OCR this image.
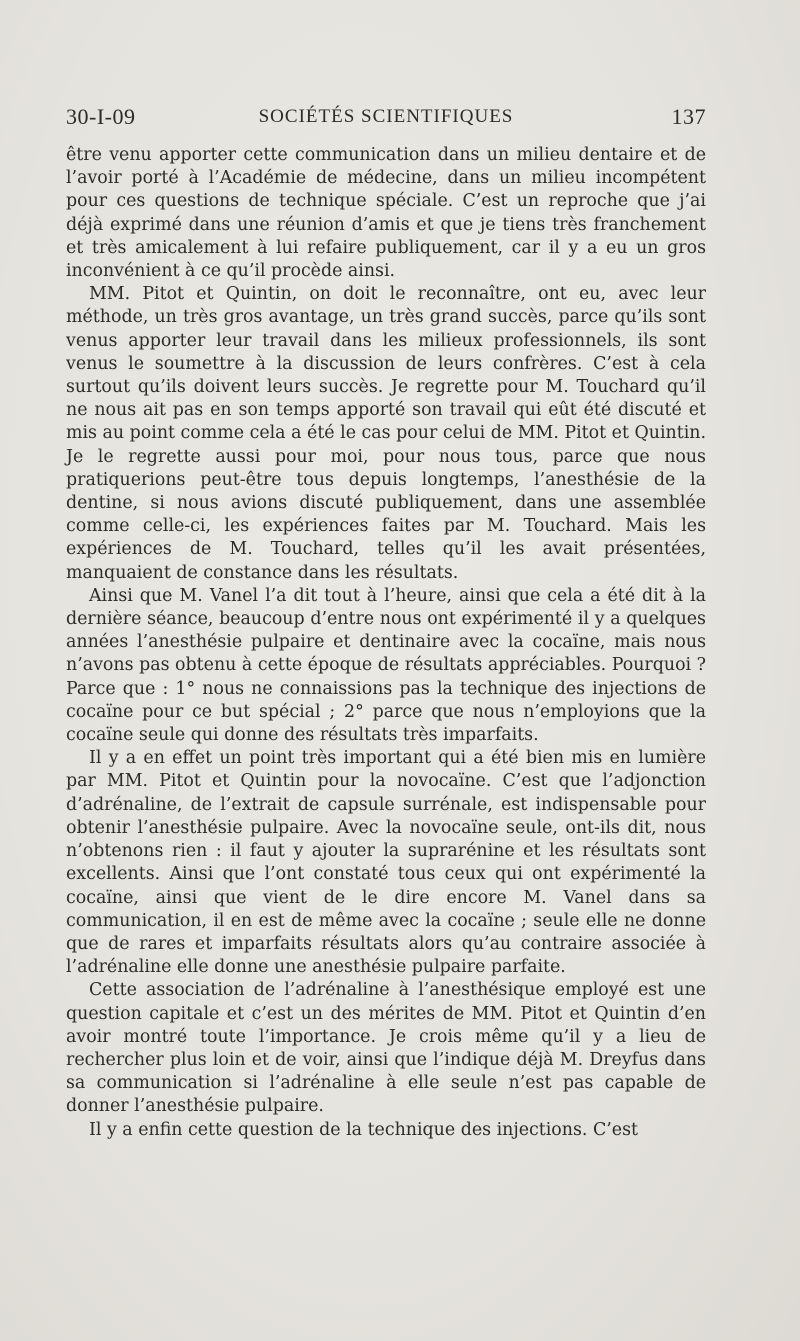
30-I-09	SOCIÉTÉS SCIENTIFIQUES	137

être venu apporter cette communication dans un milieu dentaire et de l’avoir porté à l’Académie de médecine, dans un milieu incompétent pour ces questions de technique spéciale. C’est un reproche que j’ai déjà exprimé dans une réunion d’amis et que je tiens très franchement et très amicalement à lui refaire publiquement, car il y a eu un gros inconvénient à ce qu’il procède ainsi.

MM. Pitot et Quintin, on doit le reconnaître, ont eu, avec leur méthode, un très gros avantage, un très grand succès, parce qu’ils sont venus apporter leur travail dans les milieux professionnels, ils sont venus le soumettre à la discussion de leurs confrères. C’est à cela surtout qu’ils doivent leurs succès. Je regrette pour M. Touchard qu’il ne nous ait pas en son temps apporté son travail qui eût été discuté et mis au point comme cela a été le cas pour celui de MM. Pitot et Quintin. Je le regrette aussi pour moi, pour nous tous, parce que nous pratiquerions peut-être tous depuis longtemps, l’anesthésie de la dentine, si nous avions discuté publiquement, dans une assemblée comme celle-ci, les expériences faites par M. Touchard. Mais les expériences de M. Touchard, telles qu’il les avait présentées, manquaient de constance dans les résultats.

Ainsi que M. Vanel l’a dit tout à l’heure, ainsi que cela a été dit à la dernière séance, beaucoup d’entre nous ont expérimenté il y a quelques années l’anesthésie pulpaire et dentinaire avec la cocaïne, mais nous n’avons pas obtenu à cette époque de résultats appréciables. Pourquoi ? Parce que : 1° nous ne connaissions pas la technique des injections de cocaïne pour ce but spécial ; 2° parce que nous n’employions que la cocaïne seule qui donne des résultats très imparfaits.

Il y a en effet un point très important qui a été bien mis en lumière par MM. Pitot et Quintin pour la novocaïne. C’est que l’adjonction d’adrénaline, de l’extrait de capsule surrénale, est indispensable pour obtenir l’anesthésie pulpaire. Avec la novocaïne seule, ont-ils dit, nous n’obtenons rien : il faut y ajouter la suprarénine et les résultats sont excellents. Ainsi que l’ont constaté tous ceux qui ont expérimenté la cocaïne, ainsi que vient de le dire encore M. Vanel dans sa communication, il en est de même avec la cocaïne ; seule elle ne donne que de rares et imparfaits résultats alors qu’au contraire associée à l’adrénaline elle donne une anesthésie pulpaire parfaite.

Cette association de l’adrénaline à l’anesthésique employé est une question capitale et c’est un des mérites de MM. Pitot et Quintin d’en avoir montré toute l’importance. Je crois même qu’il y a lieu de rechercher plus loin et de voir, ainsi que l’indique déjà M. Dreyfus dans sa communication si l’adrénaline à elle seule n’est pas capable de donner l’anesthésie pulpaire.

Il y a enfin cette question de la technique des injections. C’est
